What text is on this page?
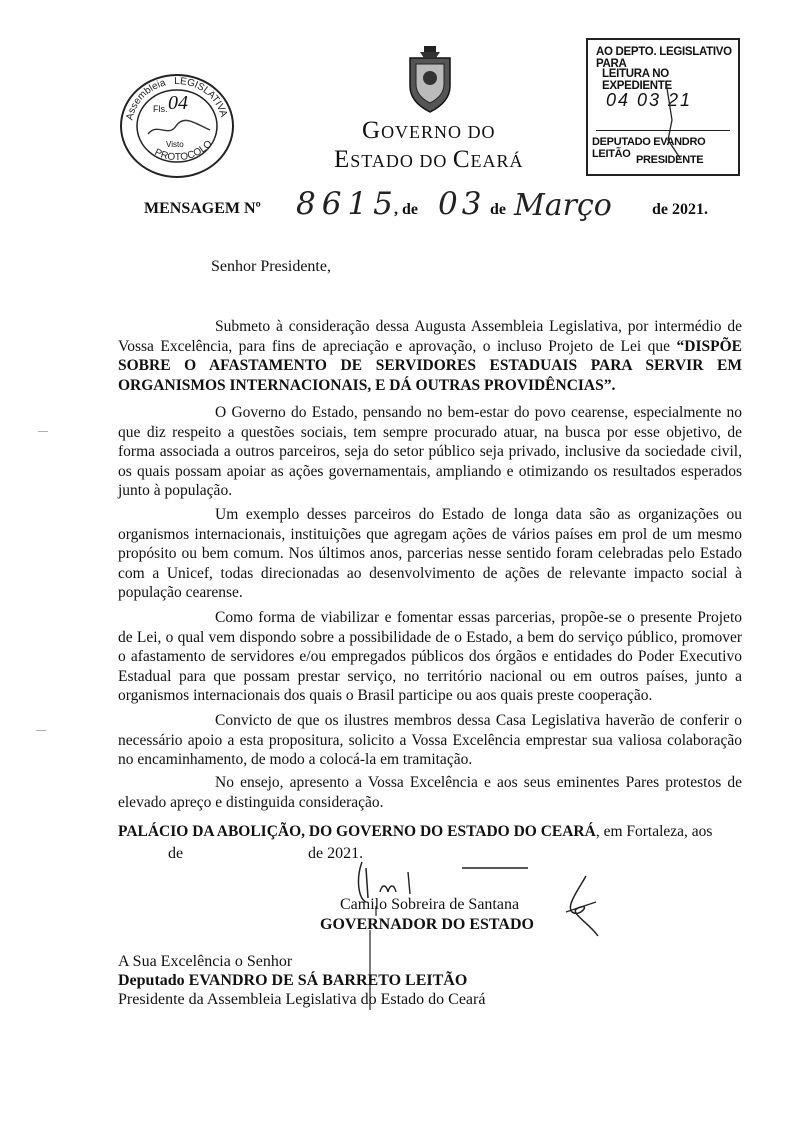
Assembleia LEGISLATIVA
PROTOCOLO
Fls. 04
Visto
GOVERNO DO
ESTADO DO CEARÁ
AO DEPTO. LEGISLATIVO PARA
LEITURA NO EXPEDIENTE
04 03 21
DEPUTADO EVANDRO LEITÃO PRESIDENTE
MENSAGEM Nº 8615
, de 03 de Março	de 2021.
Senhor Presidente,
Submeto à consideração dessa Augusta Assembleia Legislativa, por intermédio de Vossa Excelência, para fins de apreciação e aprovação, o incluso Projeto de Lei que “DISPÕE SOBRE O AFASTAMENTO DE SERVIDORES ESTADUAIS PARA SERVIR EM ORGANISMOS INTERNACIONAIS, E DÁ OUTRAS PROVIDÊNCIAS”.
O Governo do Estado, pensando no bem-estar do povo cearense, especialmente no que diz respeito a questões sociais, tem sempre procurado atuar, na busca por esse objetivo, de forma associada a outros parceiros, seja do setor público seja privado, inclusive da sociedade civil, os quais possam apoiar as ações governamentais, ampliando e otimizando os resultados esperados junto à população.
Um exemplo desses parceiros do Estado de longa data são as organizações ou organismos internacionais, instituições que agregam ações de vários países em prol de um mesmo propósito ou bem comum. Nos últimos anos, parcerias nesse sentido foram celebradas pelo Estado com a Unicef, todas direcionadas ao desenvolvimento de ações de relevante impacto social à população cearense.
Como forma de viabilizar e fomentar essas parcerias, propõe-se o presente Projeto de Lei, o qual vem dispondo sobre a possibilidade de o Estado, a bem do serviço público, promover o afastamento de servidores e/ou empregados públicos dos órgãos e entidades do Poder Executivo Estadual para que possam prestar serviço, no território nacional ou em outros países, junto a organismos internacionais dos quais o Brasil participe ou aos quais preste cooperação.
Convicto de que os ilustres membros dessa Casa Legislativa haverão de conferir o necessário apoio a esta propositura, solicito a Vossa Excelência emprestar sua valiosa colaboração no encaminhamento, de modo a colocá-la em tramitação.
No ensejo, apresento a Vossa Excelência e aos seus eminentes Pares protestos de elevado apreço e distinguida consideração.
—
—
PALÁCIO DA ABOLIÇÃO, DO GOVERNO DO ESTADO DO CEARÁ, em Fortaleza, aos
de	de 2021.
Camilo Sobreira de Santana
GOVERNADOR DO ESTADO
A Sua Excelência o Senhor
Deputado EVANDRO DE SÁ BARRETO LEITÃO
Presidente da Assembleia Legislativa do Estado do Ceará
